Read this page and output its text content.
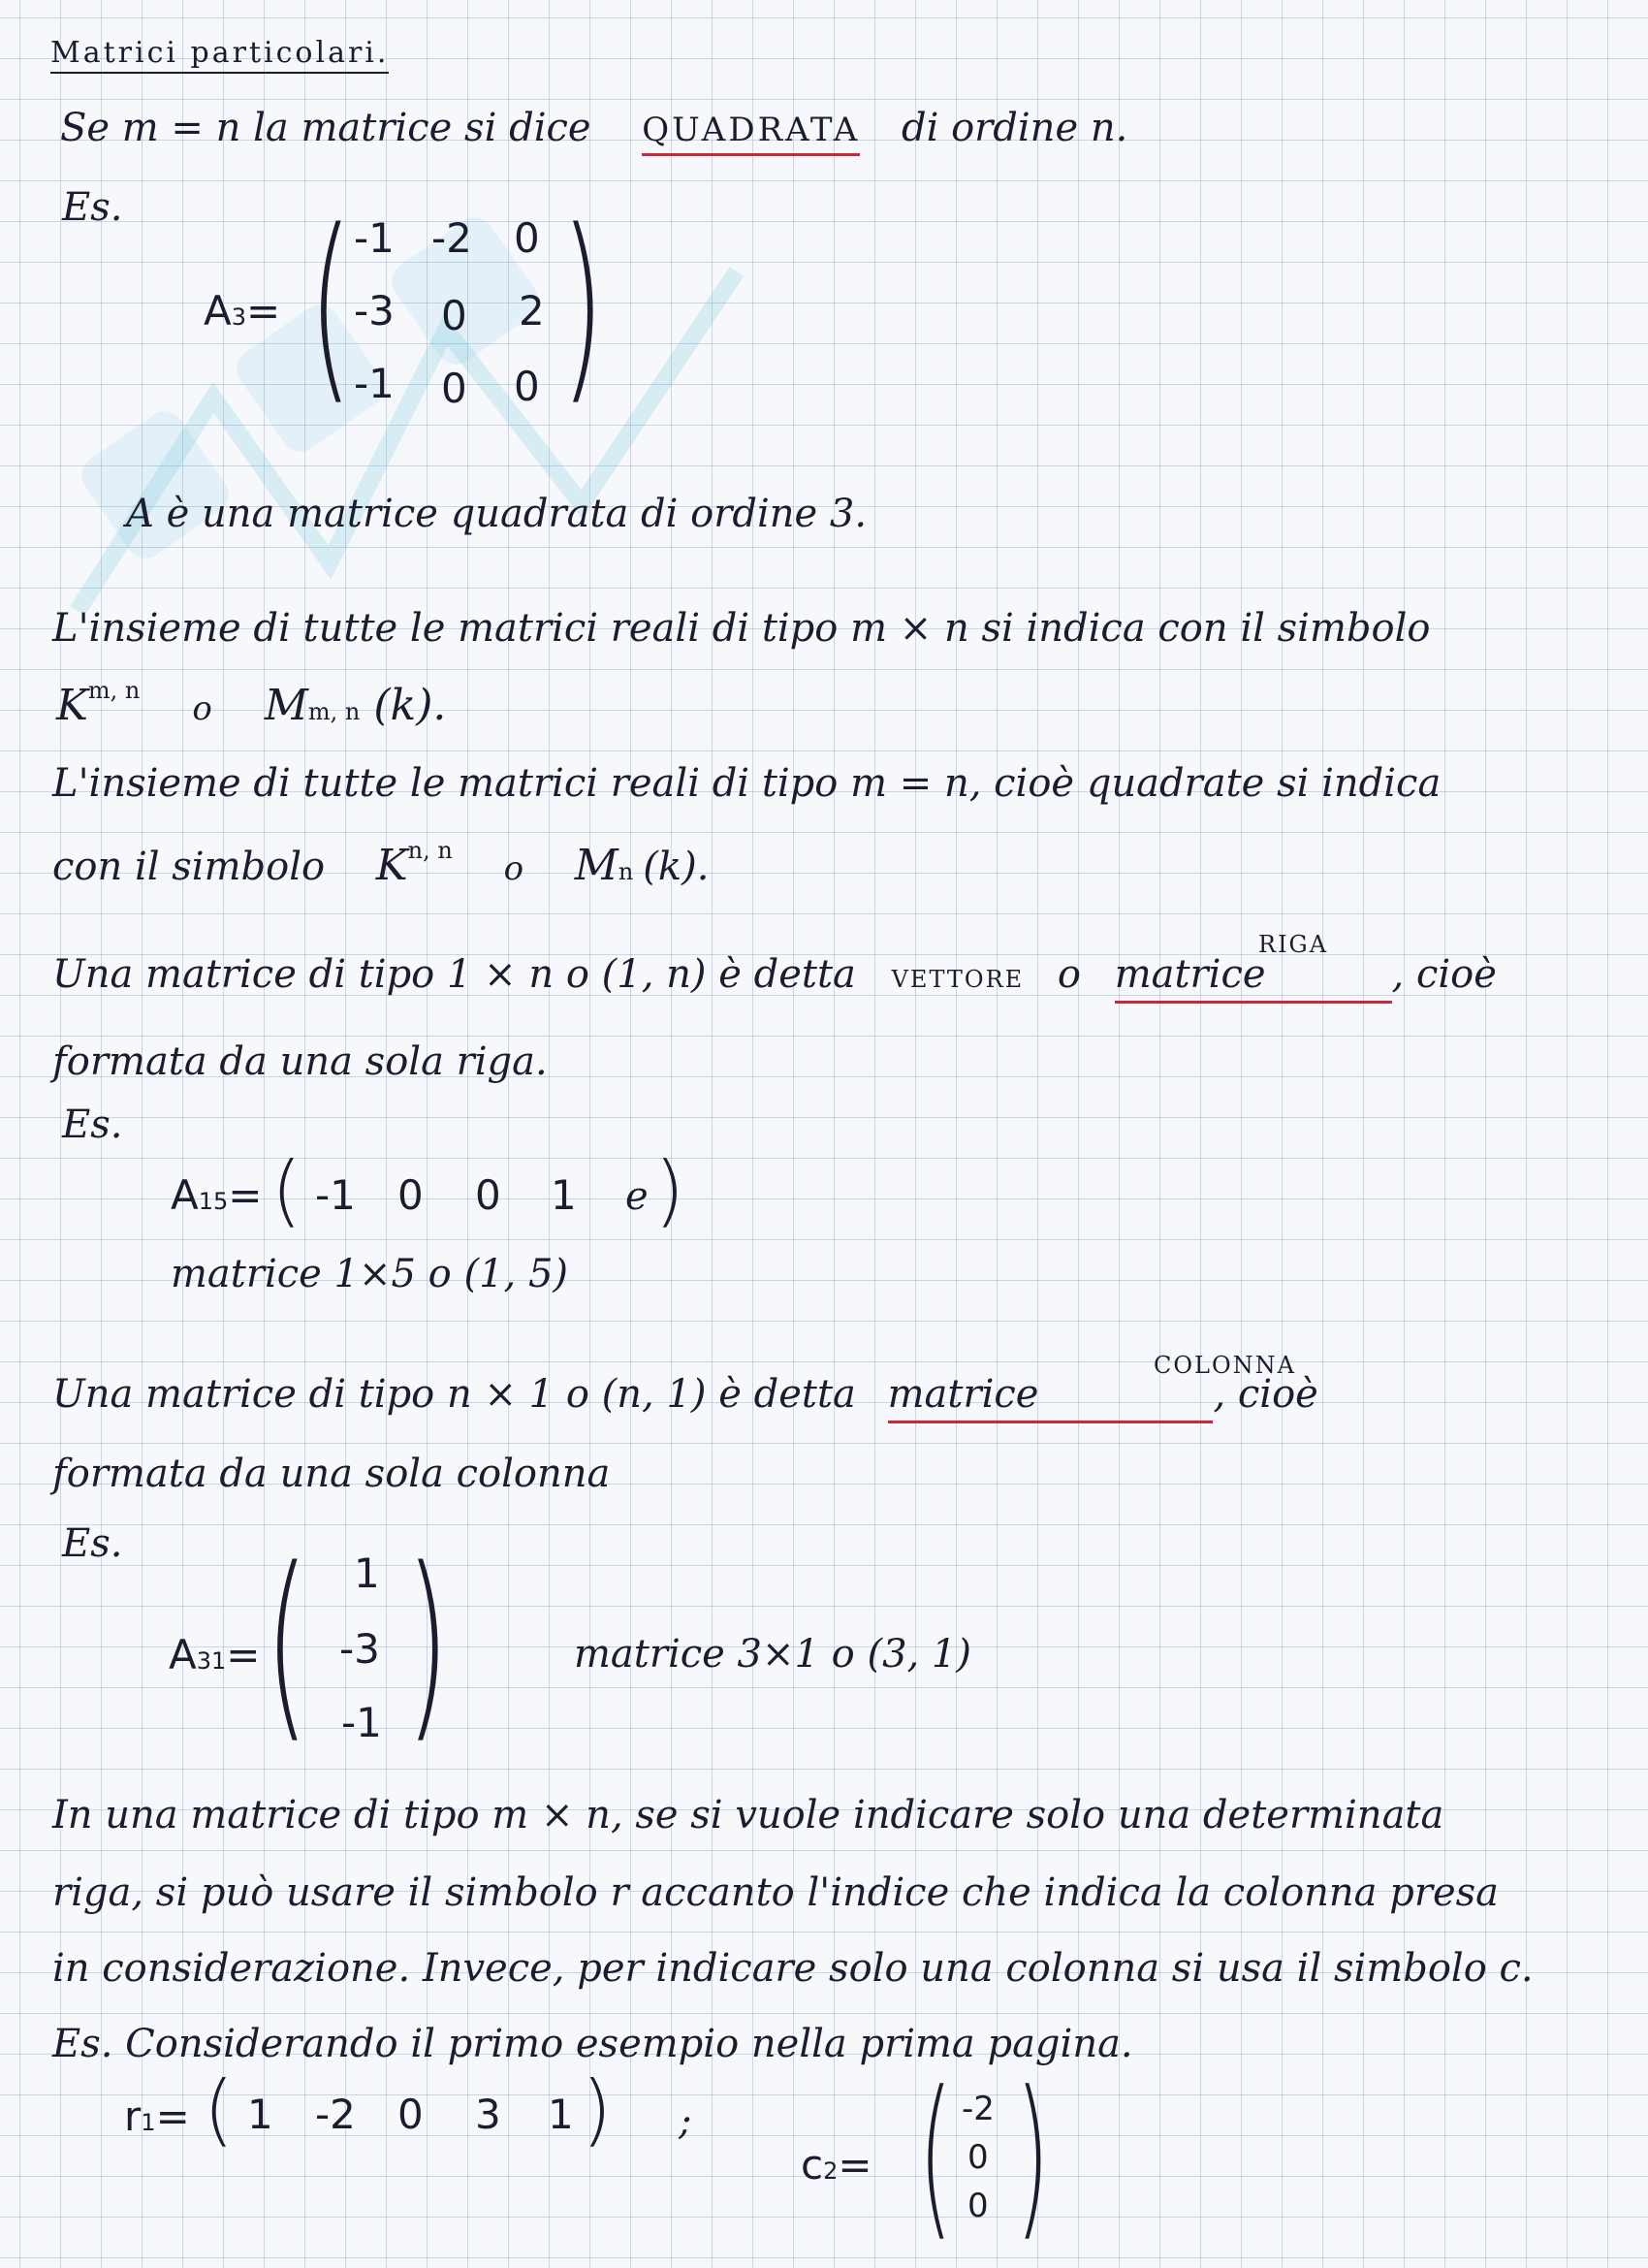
Matrici particolari.
Se m = n la matrice si dice QUADRATA di ordine n.
Es.
A3= ( )
-1 -2 0
-3 0 2
-1 0 0
A è una matrice quadrata di ordine 3.
L'insieme di tutte le matrici reali di tipo m × n si indica con il simbolo
K$^{m, n}$ o Mm, n (k).
L'insieme di tutte le matrici reali di tipo m = n, cioè quadrate si indica
con il simbolo K$^{n, n}$ o Mn (k).
Una matrice di tipo 1 × n o (1, n) è detta VETTORE o matrice	, cioè
RIGA
formata da una sola riga.
Es.
A15= ( -1 0 0 1 e )
matrice 1×5 o (1, 5)
Una matrice di tipo n × 1 o (n, 1) è detta matrice	, cioè
COLONNA
formata da una sola colonna
Es.
A31= ( )
1
-3
-1
matrice 3×1 o (3, 1)
In una matrice di tipo m × n, se si vuole indicare solo una determinata
riga, si può usare il simbolo r accanto l'indice che indica la colonna presa
in considerazione. Invece, per indicare solo una colonna si usa il simbolo c.
Es. Considerando il primo esempio nella prima pagina.
r1= ( 1 -2 0 3 1 ) ;
c2= ( )
-2
0
0
